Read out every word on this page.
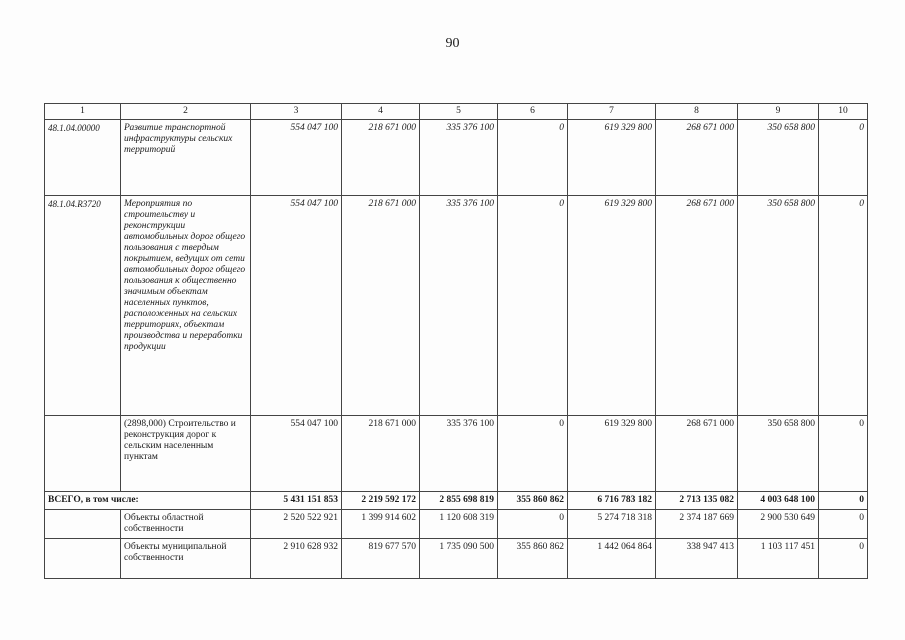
90
1	2	3	4	5	6	7	8	9	10
48.1.04.00000	Развитие транспортной инфраструктуры сельских территорий	554 047 100	218 671 000	335 376 100	0	619 329 800	268 671 000	350 658 800	0
48.1.04.R3720	Мероприятия по строительству и реконструкции автомобильных дорог общего пользования с твердым покрытием, ведущих от сети автомобильных дорог общего пользования к общественно значимым объектам населенных пунктов, расположенных на сельских территориях, объектам производства и переработки продукции	554 047 100	218 671 000	335 376 100	0	619 329 800	268 671 000	350 658 800	0
	(2898,000) Строительство и реконструкция дорог к сельским населенным пунктам	554 047 100	218 671 000	335 376 100	0	619 329 800	268 671 000	350 658 800	0
ВСЕГО, в том числе:		5 431 151 853	2 219 592 172	2 855 698 819	355 860 862	6 716 783 182	2 713 135 082	4 003 648 100	0
	Объекты областной собственности	2 520 522 921	1 399 914 602	1 120 608 319	0	5 274 718 318	2 374 187 669	2 900 530 649	0
	Объекты муниципальной собственности	2 910 628 932	819 677 570	1 735 090 500	355 860 862	1 442 064 864	338 947 413	1 103 117 451	0
